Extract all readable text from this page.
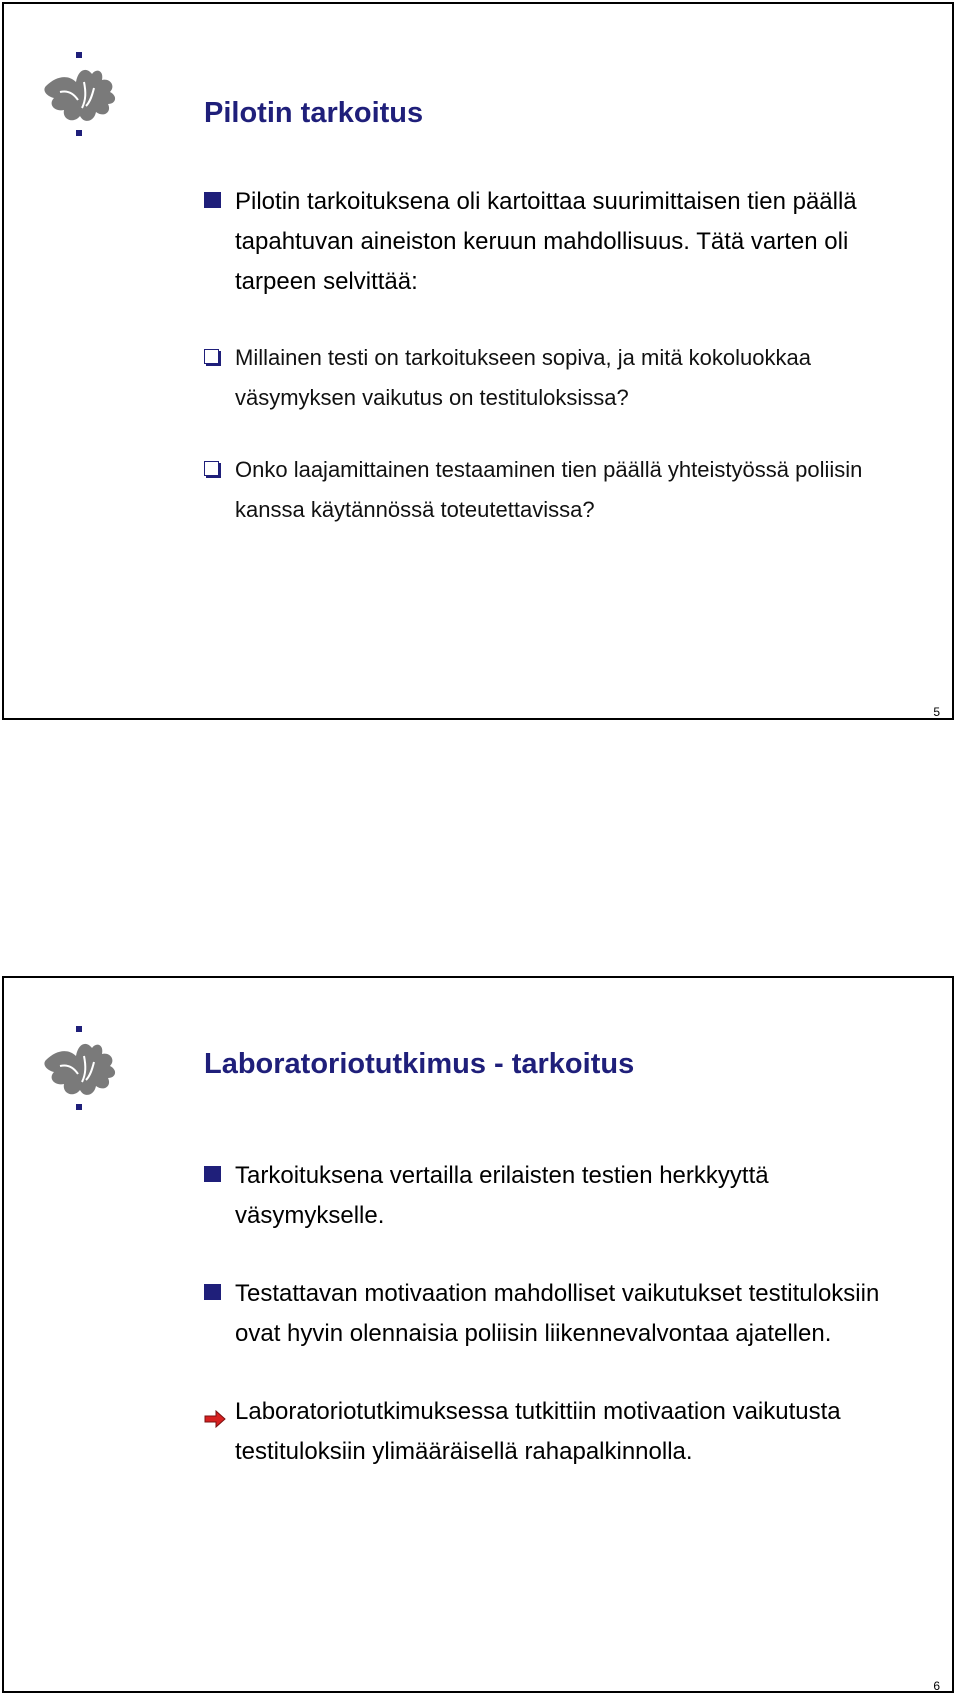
Pilotin tarkoitus
Pilotin tarkoituksena oli kartoittaa suurimittaisen tien päällä tapahtuvan aineiston keruun mahdollisuus. Tätä varten oli tarpeen selvittää:
Millainen testi on tarkoitukseen sopiva, ja mitä kokoluokkaa väsymyksen vaikutus on testituloksissa?
Onko laajamittainen testaaminen tien päällä yhteistyössä poliisin kanssa käytännössä toteutettavissa?
5
Laboratoriotutkimus - tarkoitus
Tarkoituksena vertailla erilaisten testien herkkyyttä väsymykselle.
Testattavan motivaation mahdolliset vaikutukset testituloksiin ovat hyvin olennaisia poliisin liikennevalvontaa ajatellen.
Laboratoriotutkimuksessa tutkittiin motivaation vaikutusta testituloksiin ylimääräisellä rahapalkinnolla.
6
